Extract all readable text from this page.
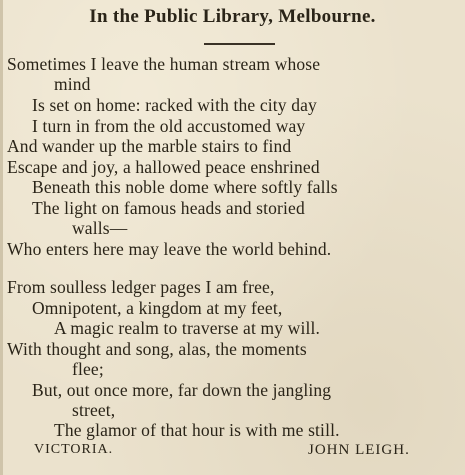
In the Public Library, Melbourne.
Sometimes I leave the human stream whose
mind
Is set on home: racked with the city day
I turn in from the old accustomed way
And wander up the marble stairs to find
Escape and joy, a hallowed peace enshrined
Beneath this noble dome where softly falls
The light on famous heads and storied
walls—
Who enters here may leave the world behind.
From soulless ledger pages I am free,
Omnipotent, a kingdom at my feet,
A magic realm to traverse at my will.
With thought and song, alas, the moments
flee;
But, out once more, far down the jangling
street,
The glamor of that hour is with me still.
VICTORIA.	JOHN LEIGH.
